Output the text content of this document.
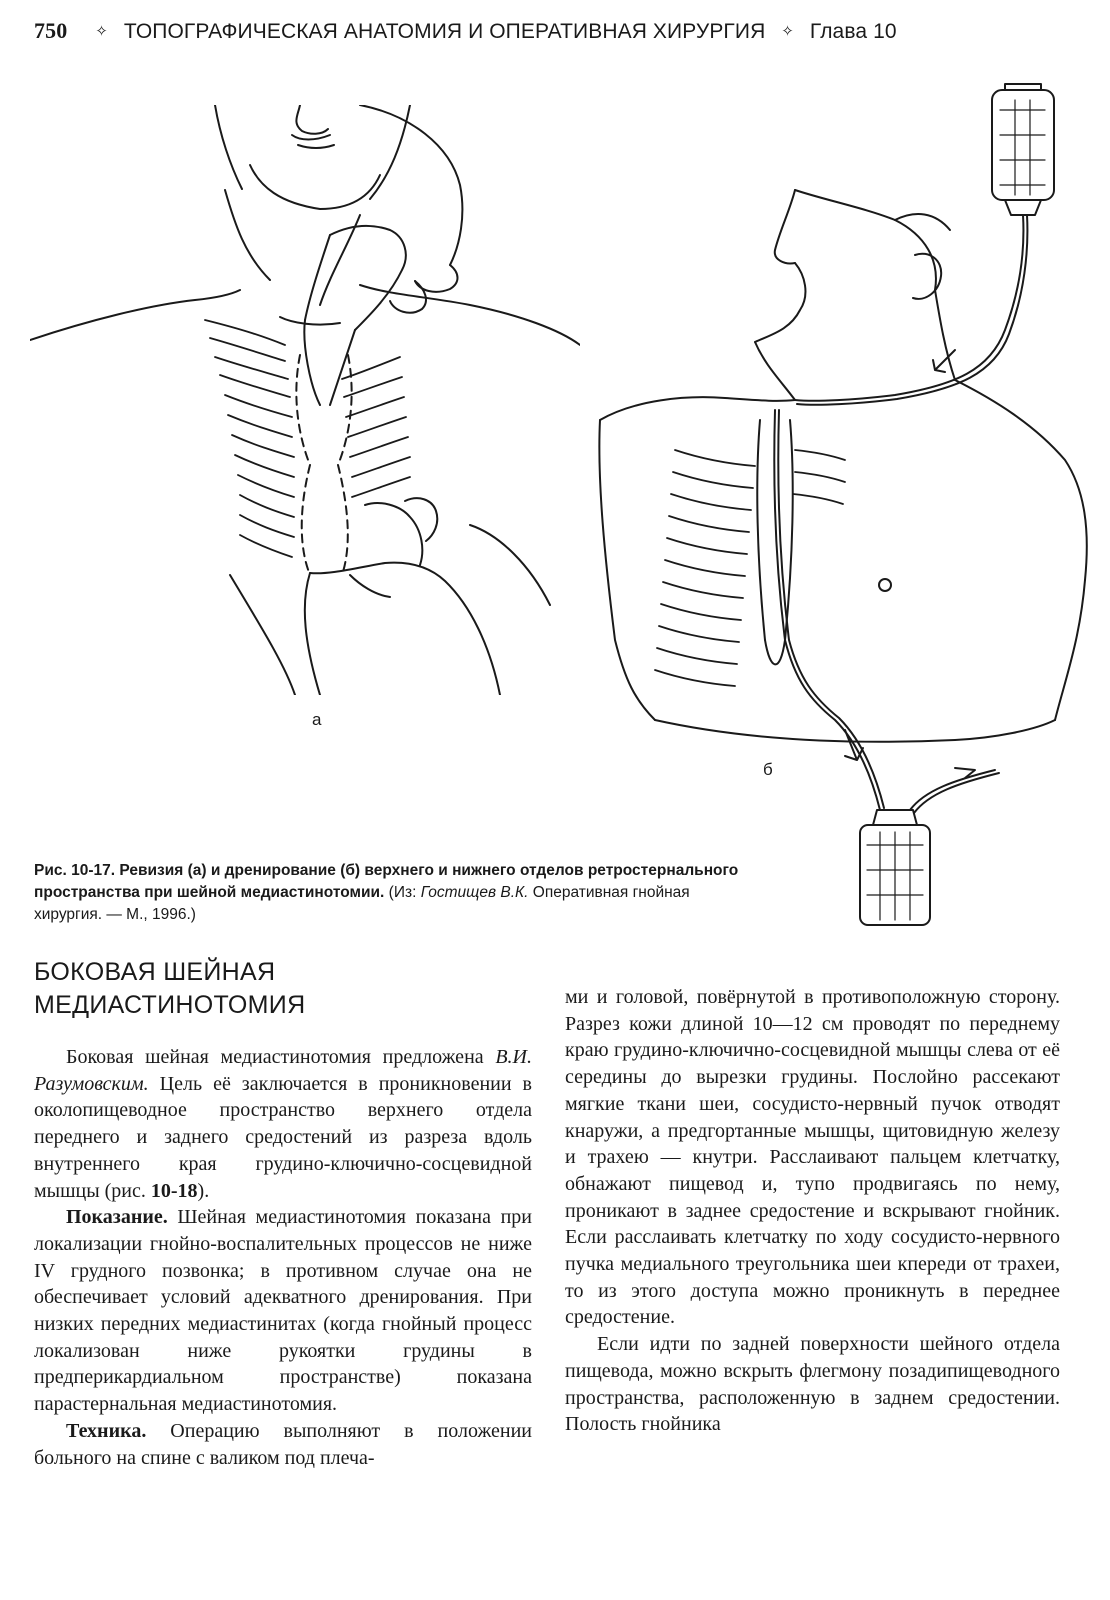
750 ✧ ТОПОГРАФИЧЕСКАЯ АНАТОМИЯ И ОПЕРАТИВНАЯ ХИРУРГИЯ ✧ Глава 10
а
б
Рис. 10-17. Ревизия (а) и дренирование (б) верхнего и нижнего отделов ретростернального пространства при шейной медиастинотомии. (Из: Гостищев В.К. Оперативная гнойная хирургия. — М., 1996.)
БОКОВАЯ ШЕЙНАЯ
МЕДИАСТИНОТОМИЯ

Боковая шейная медиастинотомия предложена В.И. Разумовским. Цель её заключается в проникновении в околопищеводное пространство верхнего отдела переднего и заднего средостений из разреза вдоль внутреннего края грудино-ключично-сосцевидной мышцы (рис. 10-18).

Показание. Шейная медиастинотомия показана при локализации гнойно-воспалительных процессов не ниже IV грудного позвонка; в противном случае она не обеспечивает условий адекватного дренирования. При низких передних медиастинитах (когда гнойный процесс локализован ниже рукоятки грудины в предперикардиальном пространстве) показана парастернальная медиастинотомия.

Техника. Операцию выполняют в положении больного на спине с валиком под плеча-

ми и головой, повёрнутой в противоположную сторону. Разрез кожи длиной 10—12 см проводят по переднему краю грудино-ключично-сосцевидной мышцы слева от её середины до вырезки грудины. Послойно рассекают мягкие ткани шеи, сосудисто-нервный пучок отводят кнаружи, а предгортанные мышцы, щитовидную железу и трахею — кнутри. Расслаивают пальцем клетчатку, обнажают пищевод и, тупо продвигаясь по нему, проникают в заднее средостение и вскрывают гнойник. Если расслаивать клетчатку по ходу сосудисто-нервного пучка медиального треугольника шеи кпереди от трахеи, то из этого доступа можно проникнуть в переднее средостение.

Если идти по задней поверхности шейного отдела пищевода, можно вскрыть флегмону позадипищеводного пространства, расположенную в заднем средостении. Полость гнойника
